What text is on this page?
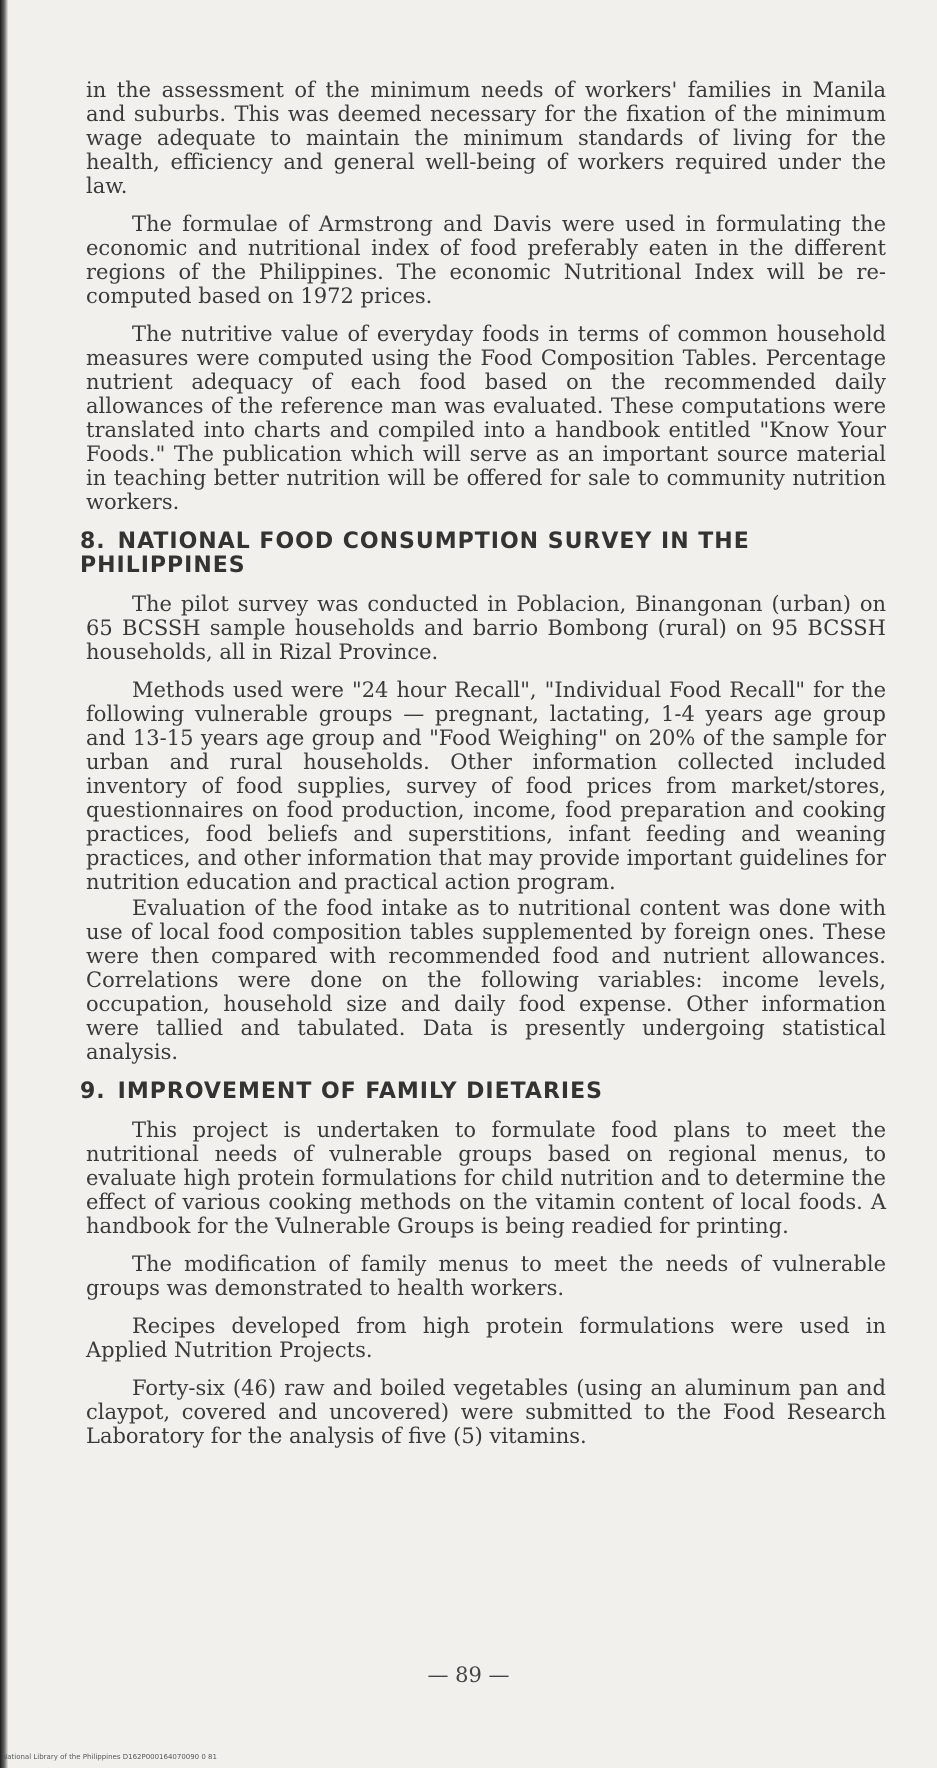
in the assessment of the minimum needs of workers' families in Manila and suburbs. This was deemed necessary for the fixation of the minimum wage adequate to maintain the minimum standards of living for the health, efficiency and general well-being of workers required under the law.

The formulae of Armstrong and Davis were used in formulating the economic and nutritional index of food preferably eaten in the different regions of the Philippines. The economic Nutritional Index will be re-computed based on 1972 prices.

The nutritive value of everyday foods in terms of common household measures were computed using the Food Composition Tables. Percentage nutrient adequacy of each food based on the recommended daily allowances of the reference man was evaluated. These computations were translated into charts and compiled into a handbook entitled "Know Your Foods." The publication which will serve as an important source material in teaching better nutrition will be offered for sale to community nutrition workers.

8. NATIONAL FOOD CONSUMPTION SURVEY IN THE PHILIPPINES

The pilot survey was conducted in Poblacion, Binangonan (urban) on 65 BCSSH sample households and barrio Bombong (rural) on 95 BCSSH households, all in Rizal Province.

Methods used were "24 hour Recall", "Individual Food Recall" for the following vulnerable groups — pregnant, lactating, 1-4 years age group and 13-15 years age group and "Food Weighing" on 20% of the sample for urban and rural households. Other information collected included inventory of food supplies, survey of food prices from market/stores, questionnaires on food production, income, food preparation and cooking practices, food beliefs and superstitions, infant feeding and weaning practices, and other information that may provide important guidelines for nutrition education and practical action program.

Evaluation of the food intake as to nutritional content was done with use of local food composition tables supplemented by foreign ones. These were then compared with recommended food and nutrient allowances. Correlations were done on the following variables: income levels, occupation, household size and daily food expense. Other information were tallied and tabulated. Data is presently undergoing statistical analysis.

9. IMPROVEMENT OF FAMILY DIETARIES

This project is undertaken to formulate food plans to meet the nutritional needs of vulnerable groups based on regional menus, to evaluate high protein formulations for child nutrition and to determine the effect of various cooking methods on the vitamin content of local foods. A handbook for the Vulnerable Groups is being readied for printing.

The modification of family menus to meet the needs of vulnerable groups was demonstrated to health workers.

Recipes developed from high protein formulations were used in Applied Nutrition Projects.

Forty-six (46) raw and boiled vegetables (using an aluminum pan and claypot, covered and uncovered) were submitted to the Food Research Laboratory for the analysis of five (5) vitamins.

— 89 —
National Library of the Philippines D162P000164070090 0 81
